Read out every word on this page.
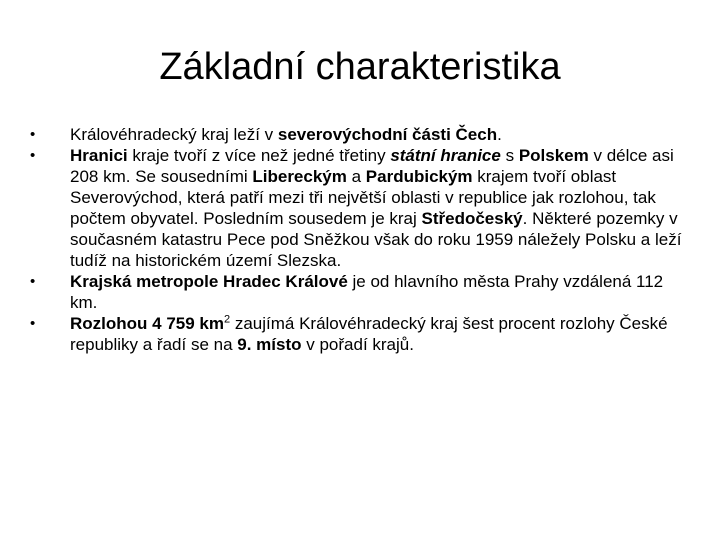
Základní charakteristika
• Královéhradecký kraj leží v severovýchodní části Čech.
• Hranici kraje tvoří z více než jedné třetiny státní hranice s Polskem v délce asi 208 km. Se sousedními Libereckým a Pardubickým krajem tvoří oblast Severovýchod, která patří mezi tři největší oblasti v republice jak rozlohou, tak počtem obyvatel. Posledním sousedem je kraj Středočeský. Některé pozemky v současném katastru Pece pod Sněžkou však do roku 1959 náležely Polsku a leží tudíž na historickém území Slezska.
• Krajská metropole Hradec Králové je od hlavního města Prahy vzdálená 112 km.
• Rozlohou 4 759 $km^2$ zaujímá Královéhradecký kraj šest procent rozlohy České republiky a řadí se na 9. místo v pořadí krajů.
